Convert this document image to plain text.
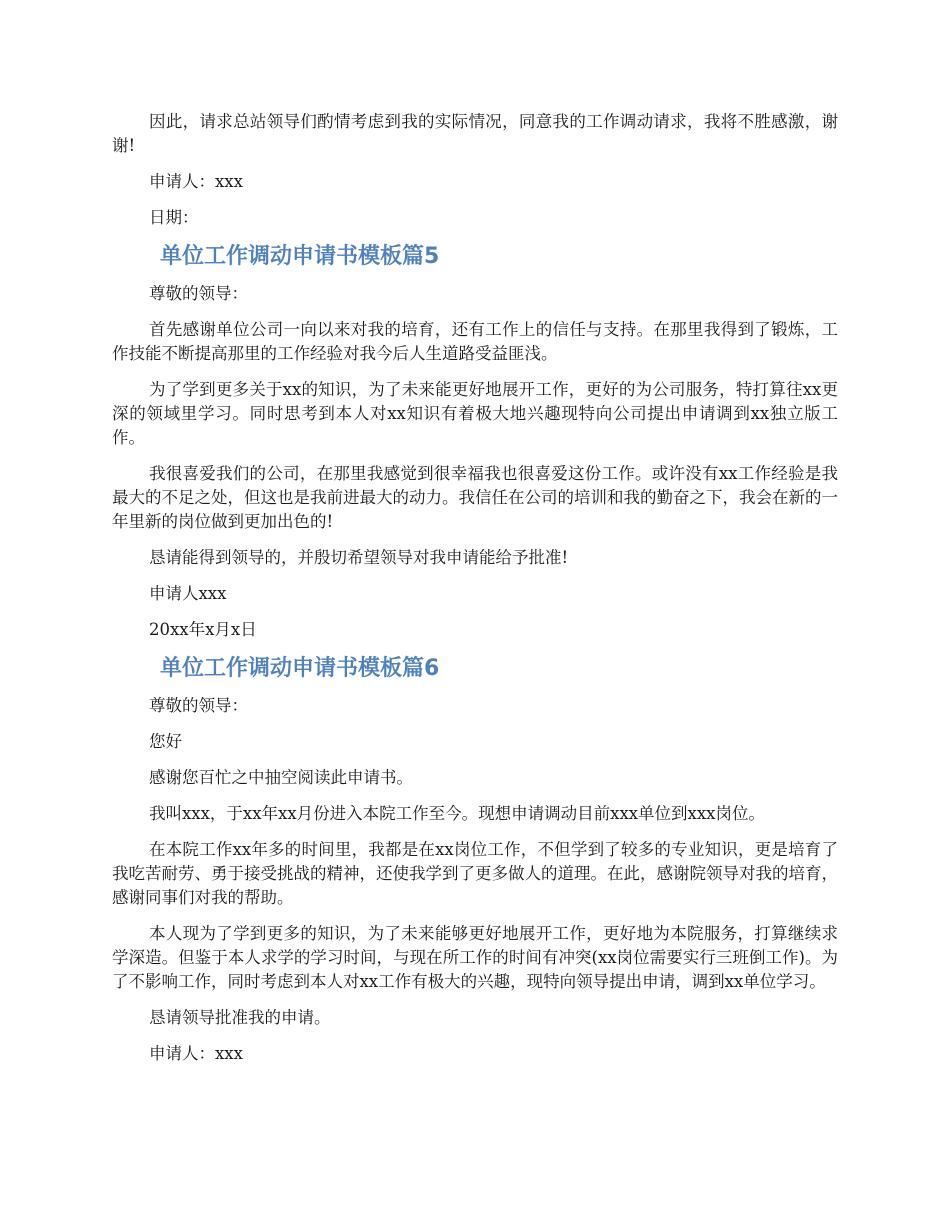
因此，请求总站领导们酌情考虑到我的实际情况，同意我的工作调动请求，我将不胜感激，谢谢!

申请人：xxx

日期：

单位工作调动申请书模板篇5

尊敬的领导：

首先感谢单位公司一向以来对我的培育，还有工作上的信任与支持。在那里我得到了锻炼，工作技能不断提高那里的工作经验对我今后人生道路受益匪浅。

为了学到更多关于xx的知识，为了未来能更好地展开工作，更好的为公司服务，特打算往xx更深的领域里学习。同时思考到本人对xx知识有着极大地兴趣现特向公司提出申请调到xx独立版工作。

我很喜爱我们的公司，在那里我感觉到很幸福我也很喜爱这份工作。或许没有xx工作经验是我最大的不足之处，但这也是我前进最大的动力。我信任在公司的培训和我的勤奋之下，我会在新的一年里新的岗位做到更加出色的!

恳请能得到领导的，并殷切希望领导对我申请能给予批准!

申请人xxx

20xx年x月x日

单位工作调动申请书模板篇6

尊敬的领导：

您好

感谢您百忙之中抽空阅读此申请书。

我叫xxx，于xx年xx月份进入本院工作至今。现想申请调动目前xxx单位到xxx岗位。

在本院工作xx年多的时间里，我都是在xx岗位工作，不但学到了较多的专业知识，更是培育了我吃苦耐劳、勇于接受挑战的精神，还使我学到了更多做人的道理。在此，感谢院领导对我的培育，感谢同事们对我的帮助。

本人现为了学到更多的知识，为了未来能够更好地展开工作，更好地为本院服务，打算继续求学深造。但鉴于本人求学的学习时间，与现在所工作的时间有冲突(xx岗位需要实行三班倒工作)。为了不影响工作，同时考虑到本人对xx工作有极大的兴趣，现特向领导提出申请，调到xx单位学习。

恳请领导批准我的申请。

申请人：xxx
